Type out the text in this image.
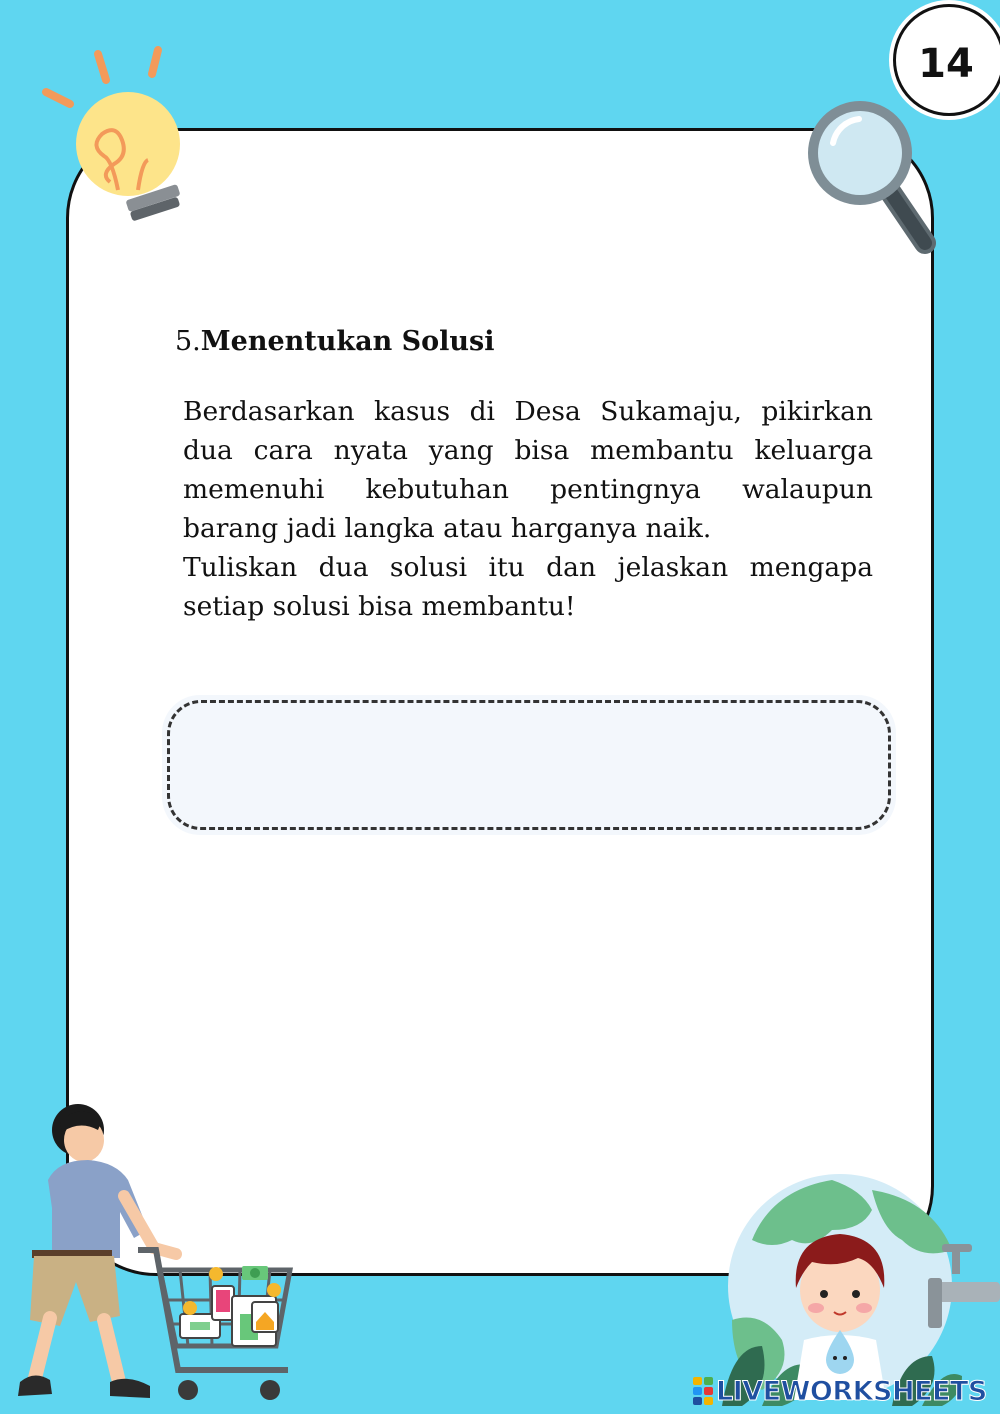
14
5.Menentukan Solusi

Berdasarkan kasus di Desa Sukamaju, pikirkan dua cara nyata yang bisa membantu keluarga memenuhi kebutuhan pentingnya walaupun barang jadi langka atau harganya naik.

Tuliskan dua solusi itu dan jelaskan mengapa setiap solusi bisa membantu!

LIVEWORKSHEETS
